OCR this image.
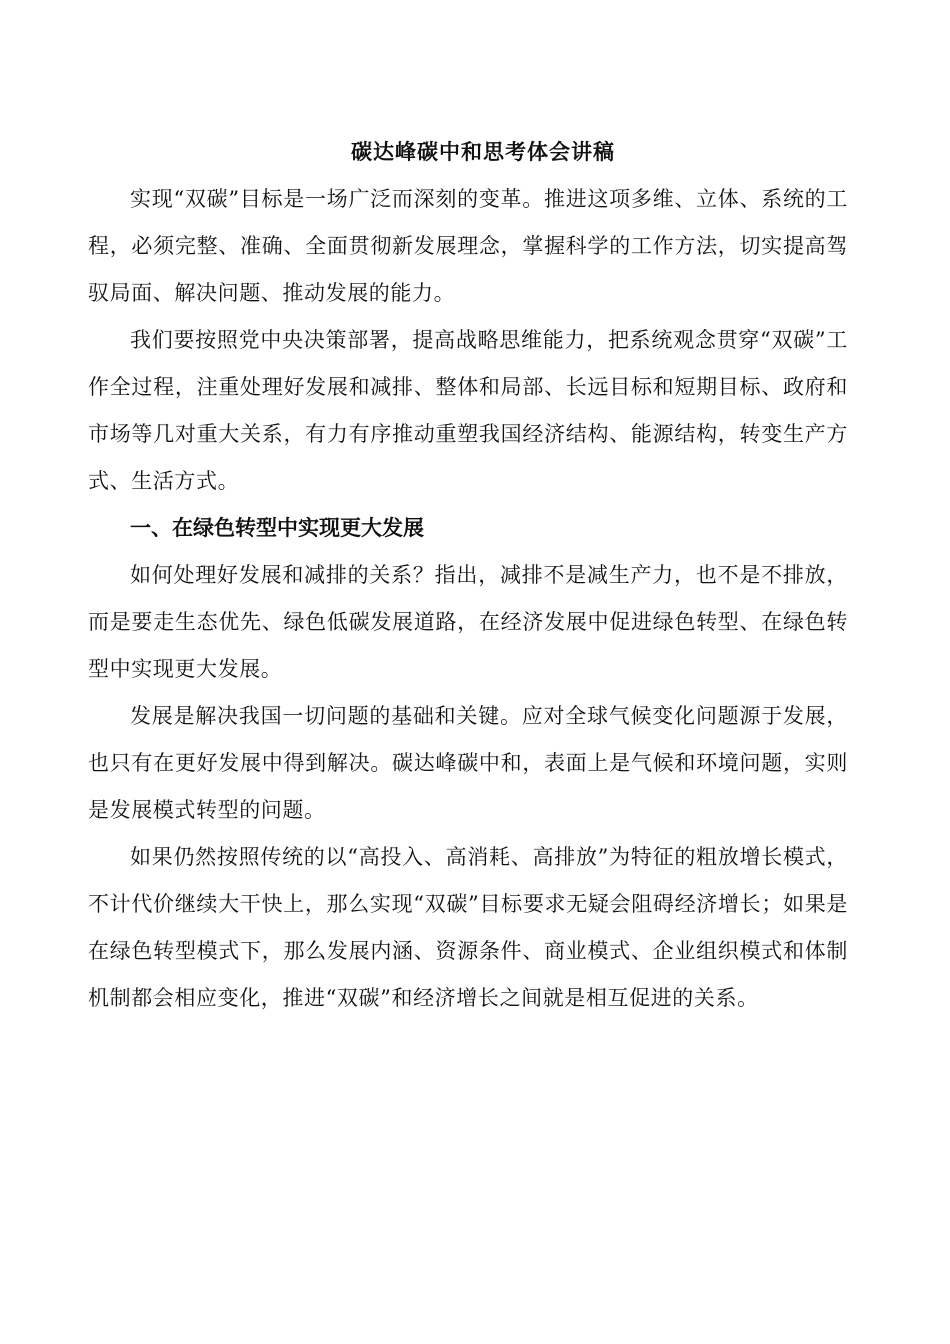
碳达峰碳中和思考体会讲稿

实现“双碳”目标是一场广泛而深刻的变革。推进这项多维、立体、系统的工程，必须完整、准确、全面贯彻新发展理念，掌握科学的工作方法，切实提高驾驭局面、解决问题、推动发展的能力。

我们要按照党中央决策部署，提高战略思维能力，把系统观念贯穿“双碳”工作全过程，注重处理好发展和减排、整体和局部、长远目标和短期目标、政府和市场等几对重大关系，有力有序推动重塑我国经济结构、能源结构，转变生产方式、生活方式。

一、在绿色转型中实现更大发展

如何处理好发展和减排的关系？指出，减排不是减生产力，也不是不排放，而是要走生态优先、绿色低碳发展道路，在经济发展中促进绿色转型、在绿色转型中实现更大发展。

发展是解决我国一切问题的基础和关键。应对全球气候变化问题源于发展，也只有在更好发展中得到解决。碳达峰碳中和，表面上是气候和环境问题，实则是发展模式转型的问题。

如果仍然按照传统的以“高投入、高消耗、高排放”为特征的粗放增长模式，不计代价继续大干快上，那么实现“双碳”目标要求无疑会阻碍经济增长；如果是在绿色转型模式下，那么发展内涵、资源条件、商业模式、企业组织模式和体制机制都会相应变化，推进“双碳”和经济增长之间就是相互促进的关系。
